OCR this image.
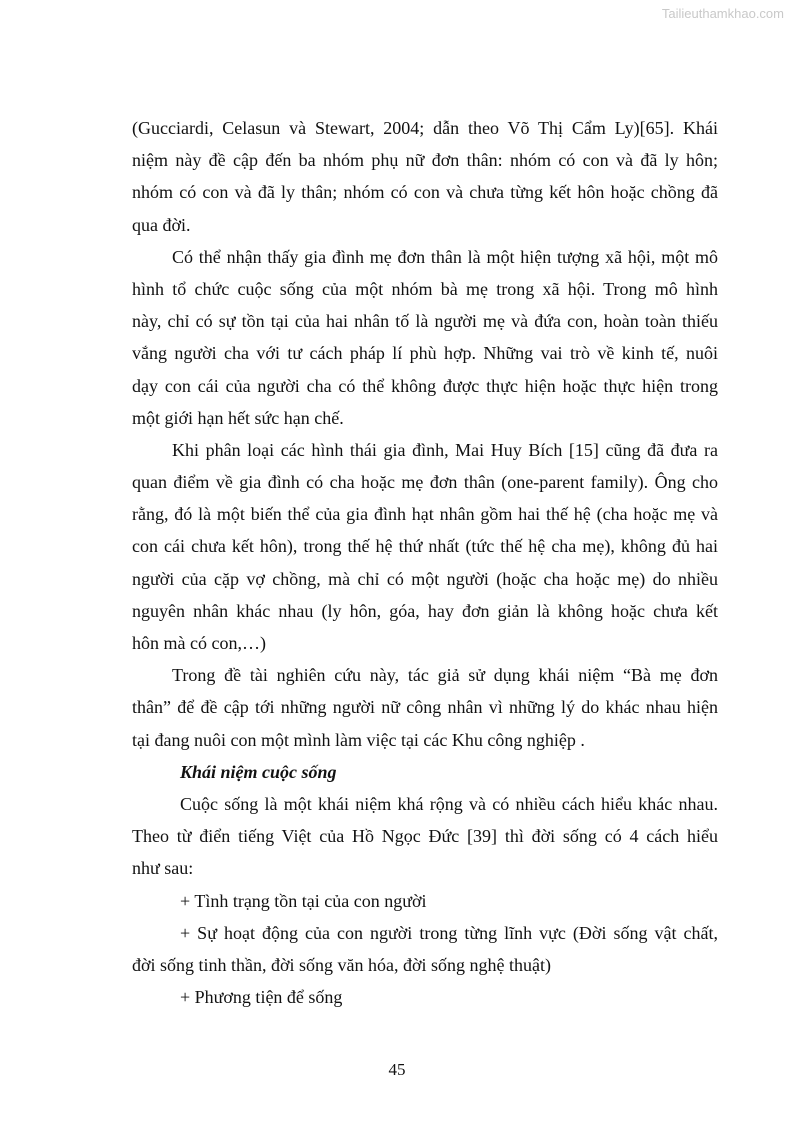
Tailieuthamkhao.com
(Gucciardi, Celasun và Stewart, 2004; dẫn theo Võ Thị Cẩm Ly)[65]. Khái
niệm này đề cập đến ba nhóm phụ nữ đơn thân: nhóm có con và đã ly hôn;
nhóm có con và đã ly thân; nhóm có con và chưa từng kết hôn hoặc chồng đã
qua đời.
Có thể nhận thấy gia đình mẹ đơn thân là một hiện tượng xã hội, một mô
hình tổ chức cuộc sống của một nhóm bà mẹ trong xã hội. Trong mô hình
này, chỉ có sự tồn tại của hai nhân tố là người mẹ và đứa con, hoàn toàn thiếu
vắng người cha với tư cách pháp lí phù hợp. Những vai trò về kinh tế, nuôi
dạy con cái của người cha có thể không được thực hiện hoặc thực hiện trong
một giới hạn hết sức hạn chế.
Khi phân loại các hình thái gia đình, Mai Huy Bích [15] cũng đã đưa ra
quan điểm về gia đình có cha hoặc mẹ đơn thân (one-parent family). Ông cho
rằng, đó là một biến thể của gia đình hạt nhân gồm hai thế hệ (cha hoặc mẹ và
con cái chưa kết hôn), trong thế hệ thứ nhất (tức thế hệ cha mẹ), không đủ hai
người của cặp vợ chồng, mà chỉ có một người (hoặc cha hoặc mẹ) do nhiều
nguyên nhân khác nhau (ly hôn, góa, hay đơn giản là không hoặc chưa kết
hôn mà có con,…)
Trong đề tài nghiên cứu này, tác giả sử dụng khái niệm “Bà mẹ đơn
thân” để đề cập tới những người nữ công nhân vì những lý do khác nhau hiện
tại đang nuôi con một mình làm việc tại các Khu công nghiệp .
Khái niệm cuộc sống
Cuộc sống là một khái niệm khá rộng và có nhiều cách hiểu khác nhau.
Theo từ điển tiếng Việt của Hồ Ngọc Đức [39] thì đời sống có 4 cách hiểu
như sau:
+ Tình trạng tồn tại của con người
+ Sự hoạt động của con người trong từng lĩnh vực (Đời sống vật chất,
đời sống tinh thần, đời sống văn hóa, đời sống nghệ thuật)
+ Phương tiện để sống
45
